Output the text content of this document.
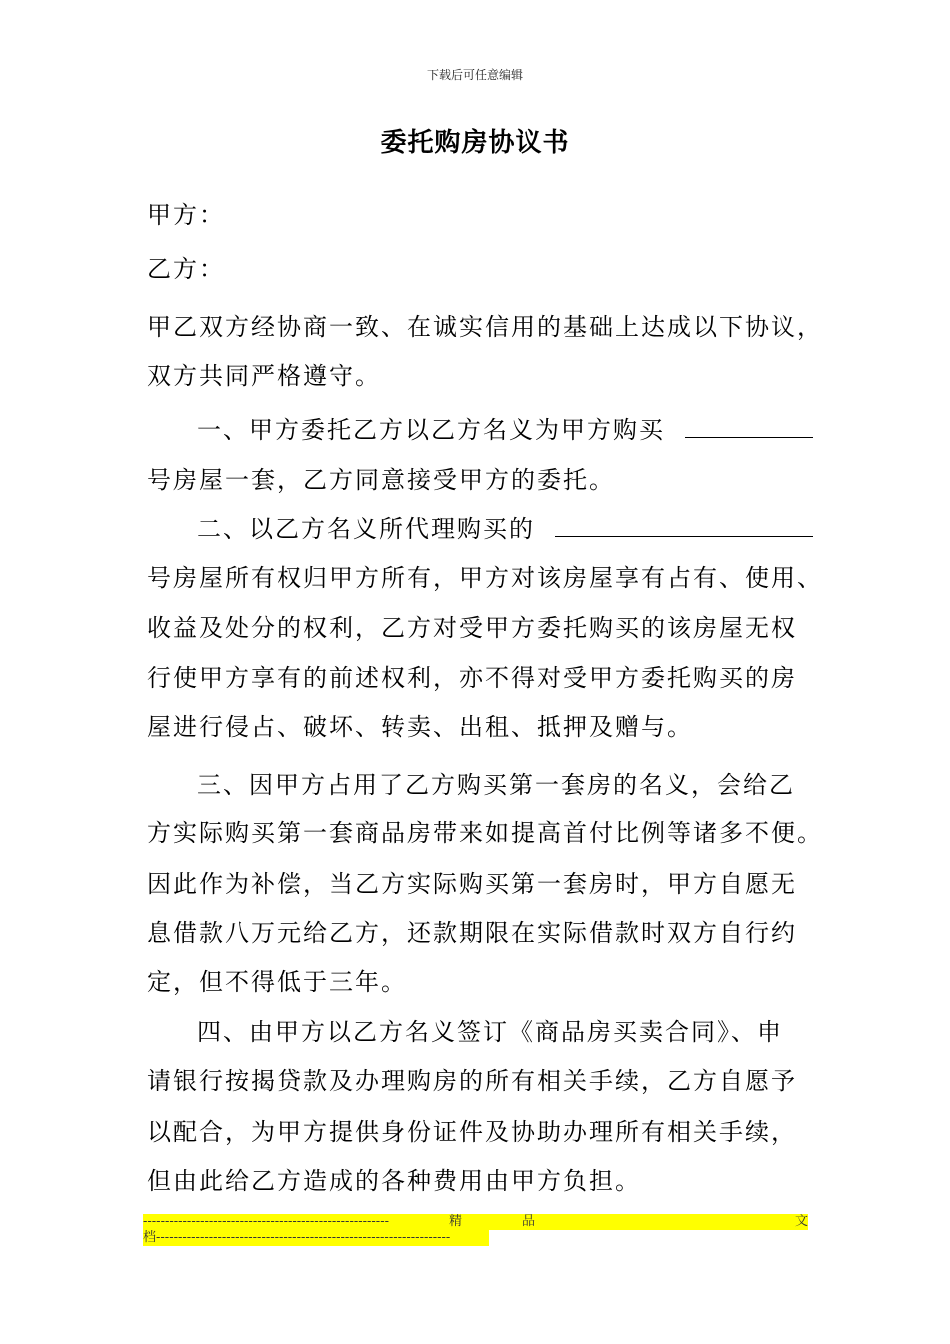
下载后可任意编辑
委托购房协议书
甲方：
乙方：
甲乙双方经协商一致、在诚实信用的基础上达成以下协议，
双方共同严格遵守。
一、甲方委托乙方以乙方名义为甲方购买
号房屋一套，乙方同意接受甲方的委托。
二、以乙方名义所代理购买的
号房屋所有权归甲方所有，甲方对该房屋享有占有、使用、
收益及处分的权利，乙方对受甲方委托购买的该房屋无权
行使甲方享有的前述权利，亦不得对受甲方委托购买的房
屋进行侵占、破坏、转卖、出租、抵押及赠与。
三、因甲方占用了乙方购买第一套房的名义，会给乙
方实际购买第一套商品房带来如提高首付比例等诸多不便。
因此作为补偿，当乙方实际购买第一套房时，甲方自愿无
息借款八万元给乙方，还款期限在实际借款时双方自行约
定，但不得低于三年。
四、由甲方以乙方名义签订《商品房买卖合同》、申
请银行按揭贷款及办理购房的所有相关手续，乙方自愿予
以配合，为甲方提供身份证件及协助办理所有相关手续，
但由此给乙方造成的各种费用由甲方负担。
--------------------------------------------------------	精	品	文
档-------------------------------------------------------------------
